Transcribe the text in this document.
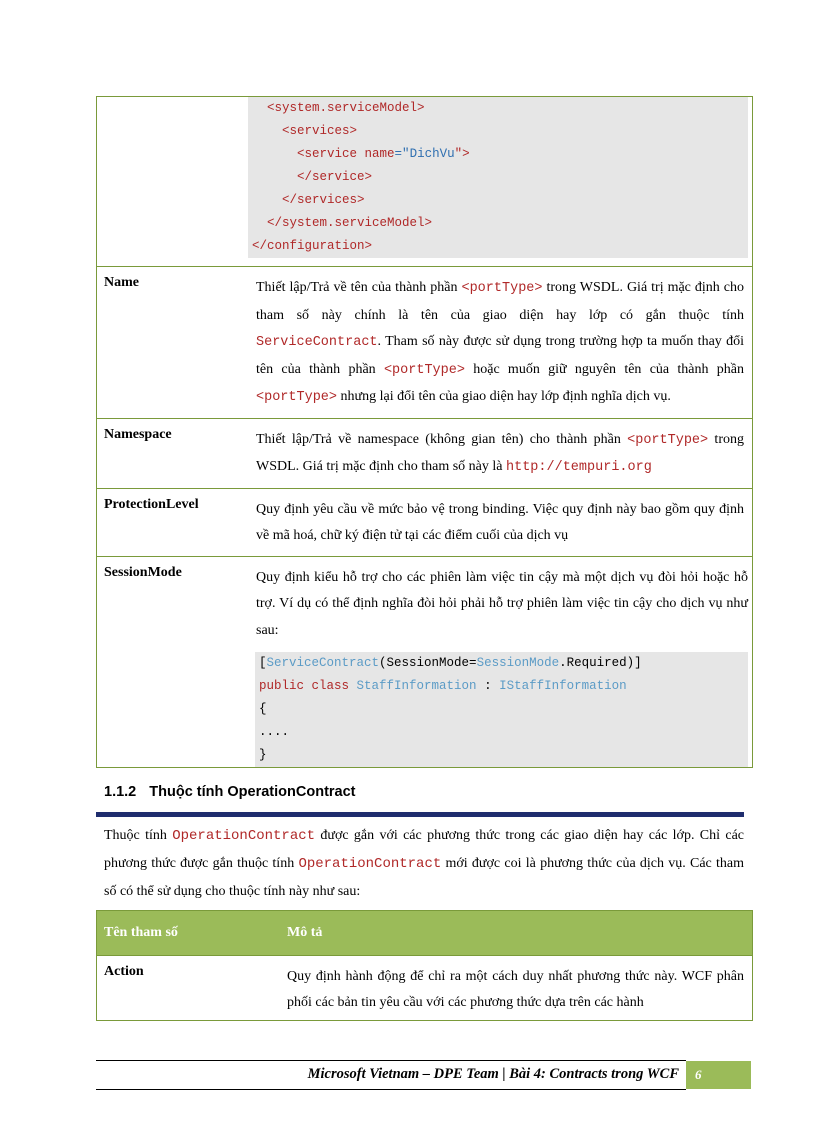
<system.serviceModel>
<services>
<service name="DichVu">
</service>
</services>
</system.serviceModel>
</configuration>
Name	Thiết lập/Trả về tên của thành phần <portType> trong WSDL. Giá trị mặc định cho tham số này chính là tên của giao diện hay lớp có gắn thuộc tính ServiceContract. Tham số này được sử dụng trong trường hợp ta muốn thay đổi tên của thành phần <portType> hoặc muốn giữ nguyên tên của thành phần <portType> nhưng lại đổi tên của giao diện hay lớp định nghĩa dịch vụ.
Namespace	Thiết lập/Trả về namespace (không gian tên) cho thành phần <portType> trong WSDL. Giá trị mặc định cho tham số này là http://tempuri.org
ProtectionLevel	Quy định yêu cầu về mức bảo vệ trong binding. Việc quy định này bao gồm quy định về mã hoá, chữ ký điện tử tại các điểm cuối của dịch vụ
SessionMode	Quy định kiểu hỗ trợ cho các phiên làm việc tin cậy mà một dịch vụ đòi hỏi hoặc hỗ trợ. Ví dụ có thể định nghĩa đòi hỏi phải hỗ trợ phiên làm việc tin cậy cho dịch vụ như sau:
[ServiceContract(SessionMode=SessionMode.Required)]
public class StaffInformation : IStaffInformation
{
....
}
1.1.2 Thuộc tính OperationContract
Thuộc tính OperationContract được gắn với các phương thức trong các giao diện hay các lớp. Chỉ các phương thức được gắn thuộc tính OperationContract mới được coi là phương thức của dịch vụ. Các tham số có thể sử dụng cho thuộc tính này như sau:
Tên tham số	Mô tả
Action	Quy định hành động để chỉ ra một cách duy nhất phương thức này. WCF phân phối các bản tin yêu cầu với các phương thức dựa trên các hành
Microsoft Vietnam – DPE Team | Bài 4: Contracts trong WCF	6
